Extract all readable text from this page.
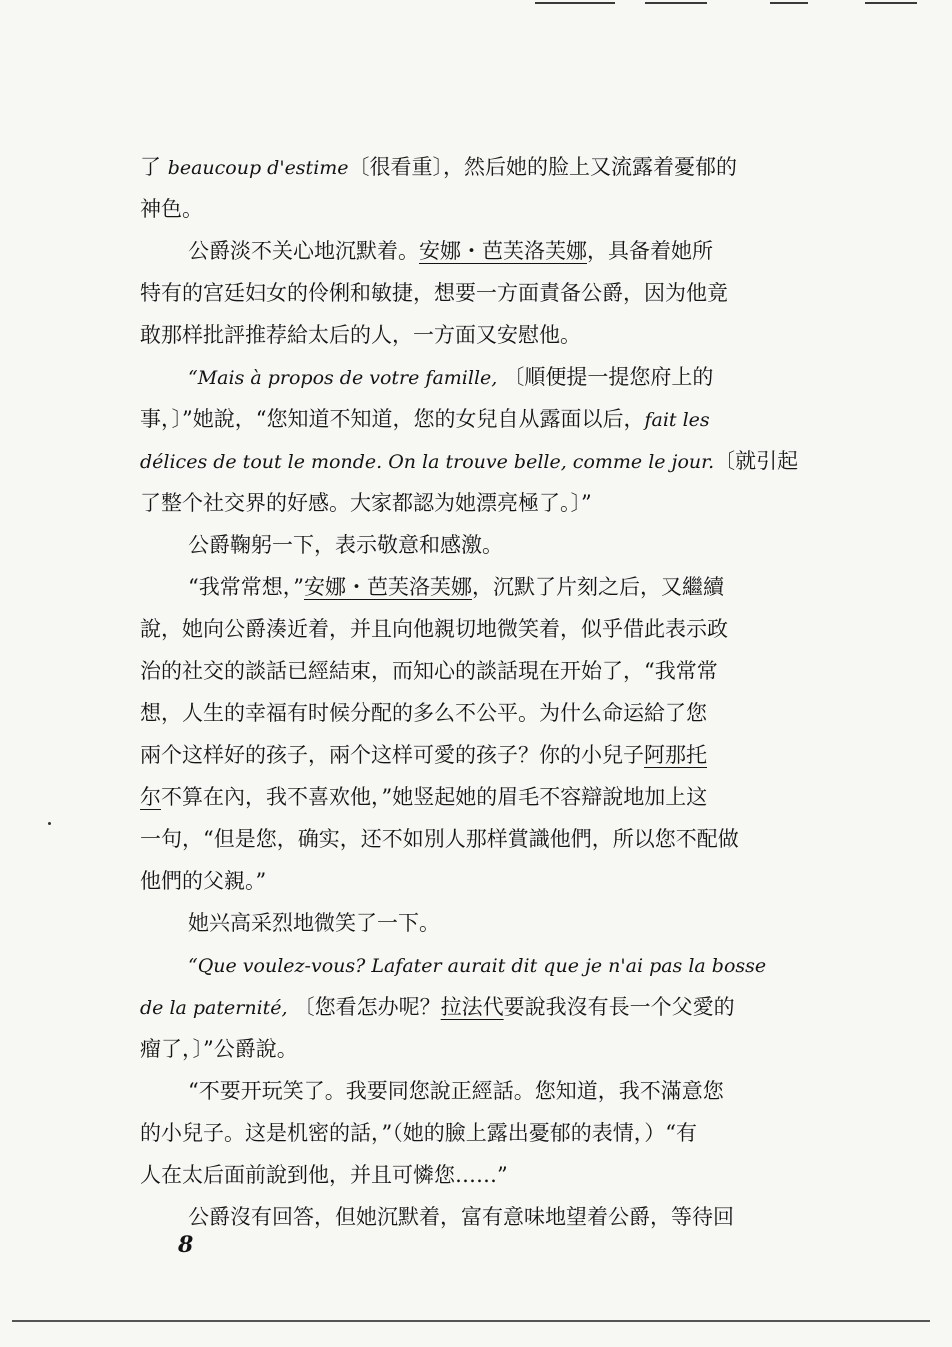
了 beaucoup d'estime〔很看重〕，然后她的脸上又流露着憂郁的
神色。
公爵淡不关心地沉默着。安娜・芭芙洛芙娜，具备着她所
特有的宫廷妇女的伶俐和敏捷，想要一方面責备公爵，因为他竟
敢那样批評推荐給太后的人，一方面又安慰他。
“Mais à propos de votre famille, 〔順便提一提您府上的
事，〕”她說，“您知道不知道，您的女兒自从露面以后，fait les
délices de tout le monde. On la trouve belle, comme le jour.〔就引起
了整个社交界的好感。大家都認为她漂亮極了。〕”
公爵鞠躬一下，表示敬意和感激。
“我常常想，”安娜・芭芙洛芙娜，沉默了片刻之后，又繼續
說，她向公爵湊近着，并且向他親切地微笑着，似乎借此表示政
治的社交的談話已經結束，而知心的談話現在开始了，“我常常
想，人生的幸福有时候分配的多么不公平。为什么命运給了您
兩个这样好的孩子，兩个这样可愛的孩子？你的小兒子阿那托
尔不算在內，我不喜欢他，”她竖起她的眉毛不容辯說地加上这
一句，“但是您，确实，还不如別人那样賞識他們，所以您不配做
他們的父親。”
她兴高采烈地微笑了一下。
“Que voulez-vous? Lafater aurait dit que je n'ai pas la bosse
de la paternité, 〔您看怎办呢？拉法代要說我沒有長一个父愛的
瘤了，〕”公爵說。
“不要开玩笑了。我要同您說正經話。您知道，我不滿意您
的小兒子。这是机密的話，”（她的臉上露出憂郁的表情，）“有
人在太后面前說到他，并且可憐您……”
公爵沒有回答，但她沉默着，富有意味地望着公爵，等待回
8
